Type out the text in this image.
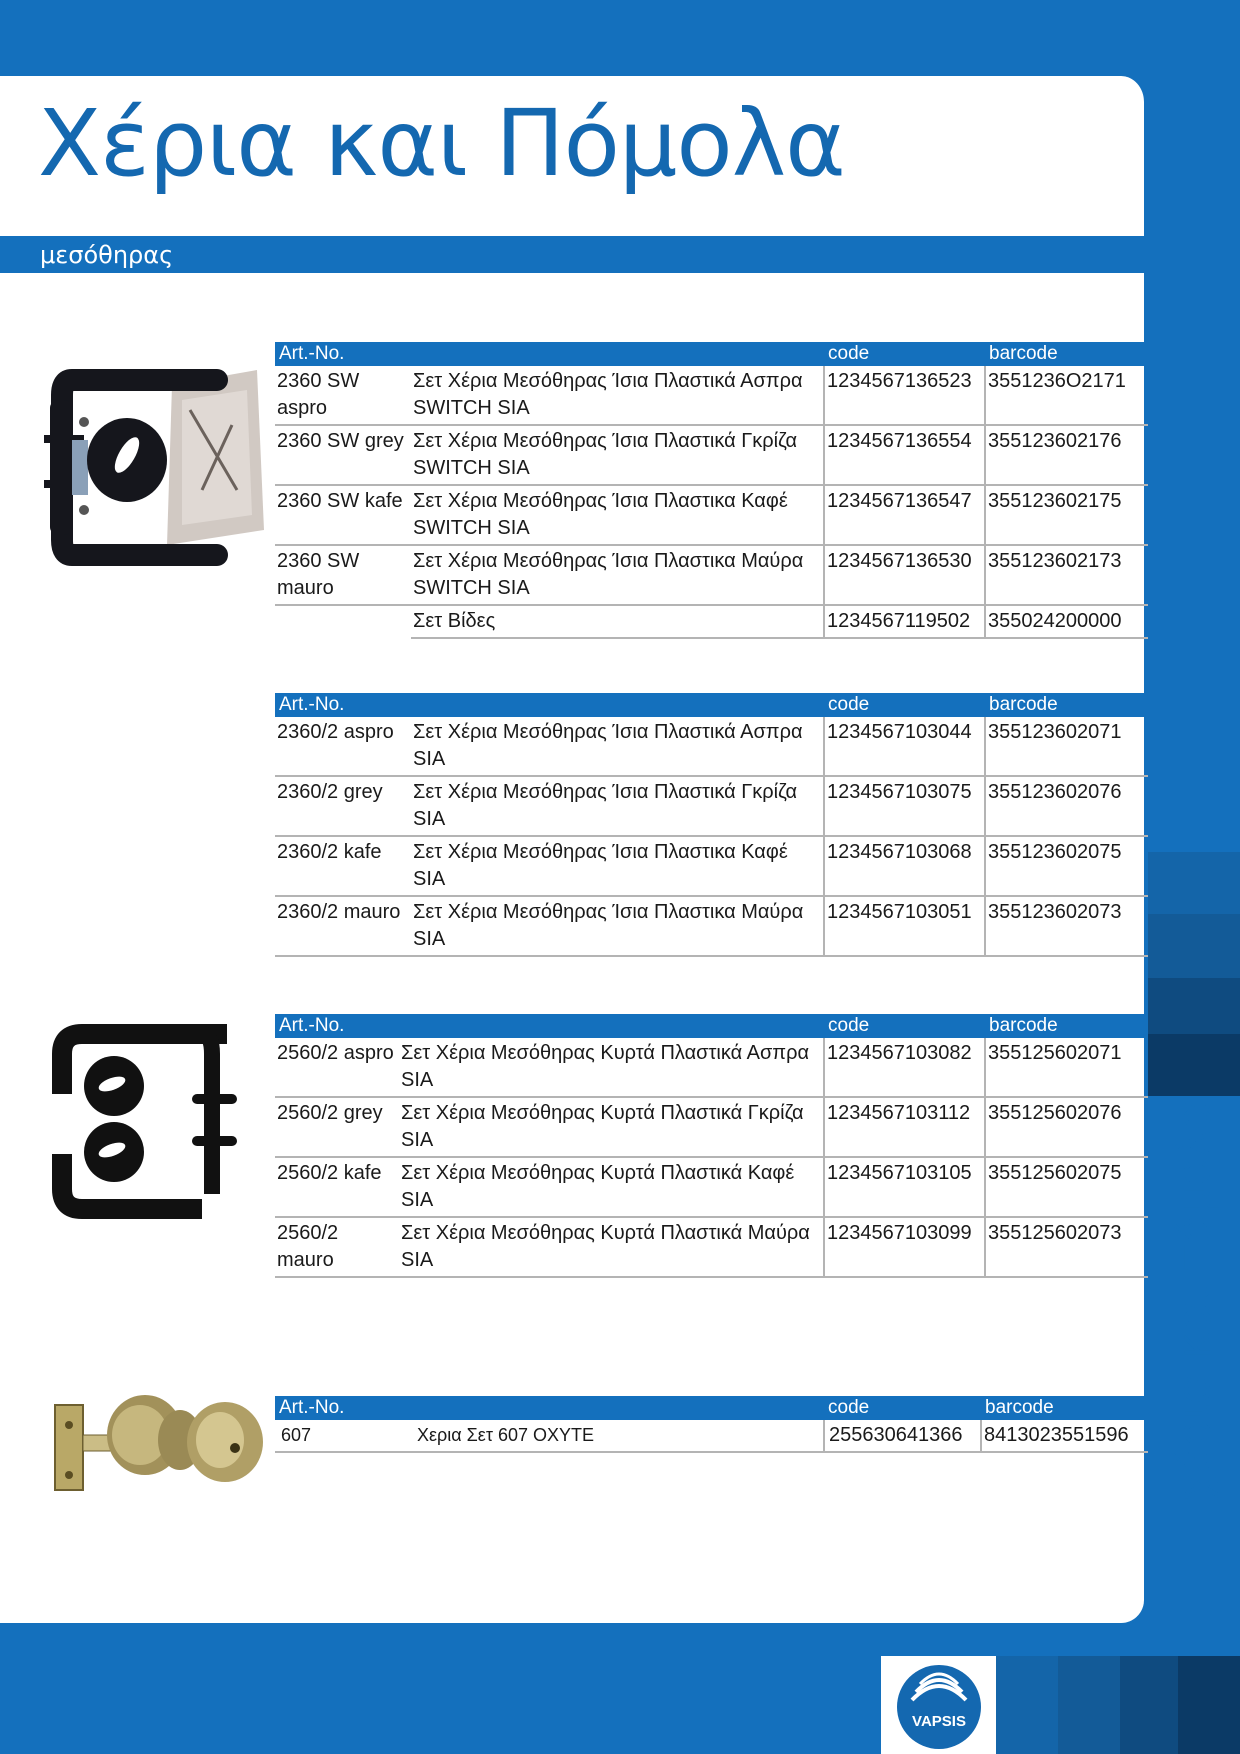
χέρια και πόμολα
Χέρια και Πόμολα
μεσόθηρας
Art.-No.		code	barcode
2360 SW aspro	Σετ Χέρια Μεσόθηρας Ίσια Πλαστικά Ασπρα SWITCH SIA	1234567136523	3551236O2171
2360 SW grey	Σετ Χέρια Μεσόθηρας Ίσια Πλαστικά Γκρίζα SWITCH SIA	1234567136554	355123602176
2360 SW kafe	Σετ Χέρια Μεσόθηρας Ίσια Πλαστικα Καφέ SWITCH SIA	1234567136547	355123602175
2360 SW mauro	Σετ Χέρια Μεσόθηρας Ίσια Πλαστικα Μαύρα SWITCH SIA	1234567136530	355123602173
	Σετ Βίδες	1234567119502	355024200000
Art.-No.		code	barcode
2360/2 aspro	Σετ Χέρια Μεσόθηρας Ίσια Πλαστικά Ασπρα SIA	1234567103044	355123602071
2360/2 grey	Σετ Χέρια Μεσόθηρας Ίσια Πλαστικά Γκρίζα SIA	1234567103075	355123602076
2360/2 kafe	Σετ Χέρια Μεσόθηρας Ίσια Πλαστικα Καφέ SIA	1234567103068	355123602075
2360/2 mauro	Σετ Χέρια Μεσόθηρας Ίσια Πλαστικα Μαύρα SIA	1234567103051	355123602073
Art.-No.		code	barcode
2560/2 aspro	Σετ Χέρια Μεσόθηρας Κυρτά Πλαστικά Ασπρα SIA	1234567103082	355125602071
2560/2 grey	Σετ Χέρια Μεσόθηρας Κυρτά Πλαστικά Γκρίζα SIA	1234567103112	355125602076
2560/2 kafe	Σετ Χέρια Μεσόθηρας Κυρτά Πλαστικά Καφέ SIA	1234567103105	355125602075
2560/2 mauro	Σετ Χέρια Μεσόθηρας Κυρτά Πλαστικά Μαύρα SIA	1234567103099	355125602073
Art.-No.		code	barcode
607	Χερια Σετ 607 OXYTE	255630641366	8413023551596
VAPSIS
